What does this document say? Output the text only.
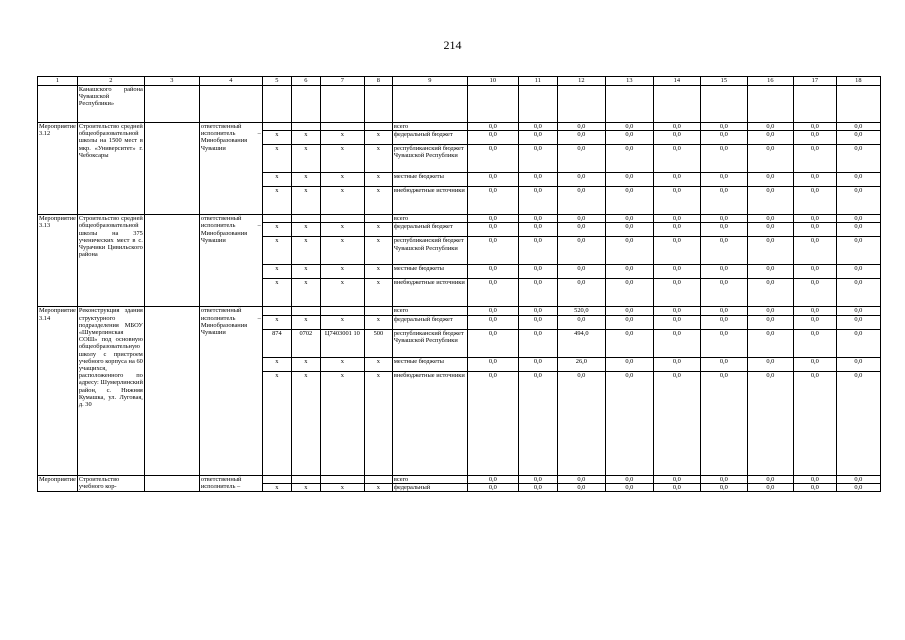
214
1	2	3	4	5	6	7	8	9	10	11	12	13	14	15	16	17	18
	Канашского района Чувашской Республики»																
Мероприятие 3.12	Строительство средней общеобразовательной школы на 1500 мест в мкр. «Университет» г. Чебоксары		ответственный исполнитель – Минобразования Чувашии					всего	0,0	0,0	0,0	0,0	0,0	0,0	0,0	0,0	0,0
				x	x	x	x	федеральный бюджет	0,0	0,0	0,0	0,0	0,0	0,0	0,0	0,0	0,0
				x	x	x	x	республиканский бюджет Чувашской Республики	0,0	0,0	0,0	0,0	0,0	0,0	0,0	0,0	0,0
				x	x	x	x	местные бюджеты	0,0	0,0	0,0	0,0	0,0	0,0	0,0	0,0	0,0
				x	x	x	x	внебюджетные источники	0,0	0,0	0,0	0,0	0,0	0,0	0,0	0,0	0,0
Мероприятие 3.13	Строительство средней общеобразовательной школы на 375 ученических мест в с. Чурачики Цивильского района		ответственный исполнитель – Минобразования Чувашии					всего	0,0	0,0	0,0	0,0	0,0	0,0	0,0	0,0	0,0
				x	x	x	x	федеральный бюджет	0,0	0,0	0,0	0,0	0,0	0,0	0,0	0,0	0,0
				x	x	x	x	республиканский бюджет Чувашской Республики	0,0	0,0	0,0	0,0	0,0	0,0	0,0	0,0	0,0
				x	x	x	x	местные бюджеты	0,0	0,0	0,0	0,0	0,0	0,0	0,0	0,0	0,0
				x	x	x	x	внебюджетные источники	0,0	0,0	0,0	0,0	0,0	0,0	0,0	0,0	0,0
Мероприятие 3.14	Реконструкция здания структурного подразделения МБОУ «Шумерлинская СОШ» под основную общеобразовательную школу с пристроем учебного корпуса на 60 учащихся, расположенного по адресу: Шумерлинский район, с. Нижняя Кумашка, ул. Луговая, д. 30		ответственный исполнитель – Минобразования Чувашии					всего	0,0	0,0	520,0	0,0	0,0	0,0	0,0	0,0	0,0
				x	x	x	x	федеральный бюджет	0,0	0,0	0,0	0,0	0,0	0,0	0,0	0,0	0,0
				874	0702	Ц7403001 10	500	республиканский бюджет Чувашской Республики	0,0	0,0	494,0	0,0	0,0	0,0	0,0	0,0	0,0
				x	x	x	x	местные бюджеты	0,0	0,0	26,0	0,0	0,0	0,0	0,0	0,0	0,0
				x	x	x	x	внебюджетные источники	0,0	0,0	0,0	0,0	0,0	0,0	0,0	0,0	0,0
Мероприятие	Строительство учебного кор-		ответственный исполнитель –					всего	0,0	0,0	0,0	0,0	0,0	0,0	0,0	0,0	0,0
				x	x	x	x	федеральный	0,0	0,0	0,0	0,0	0,0	0,0	0,0	0,0	0,0
